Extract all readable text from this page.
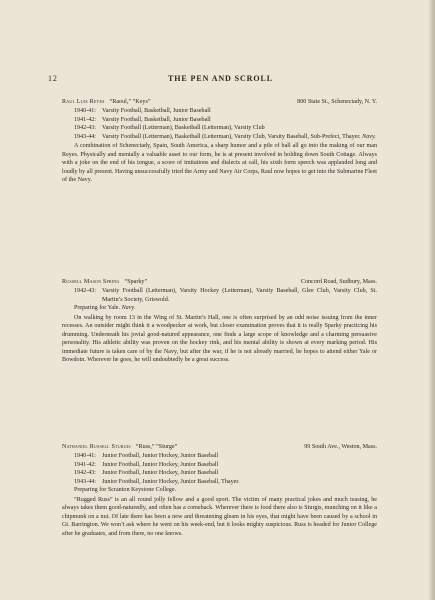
12	THE PEN AND SCROLL
Raul Luis Reyes “Raoul,” “Keys”	800 State St., Schenectady, N. Y.
1940-41: Varsity Football, Basketball, Junior Baseball
1941-42: Varsity Football, Basketball, Junior Baseball
1942-43: Varsity Football (Letterman), Basketball (Letterman), Varsity Club
1943-44: Varsity Football (Letterman), Basketball (Letterman), Varsity Club, Varsity Baseball, Sub-Prefect, Thayer. Navy.

A combination of Schenectady, Spain, South America, a sharp humor and a pile of ball all go into the making of our man Reyes. Physically and mentally a valuable asset to our form, he is at present involved in holding down South Cottage. Always with a joke on the end of his tongue, a score of imitations and dialects at call, his sixth form speech was applauded long and loudly by all present. Having unsuccessfully tried the Army and Navy Air Corps, Raul now hopes to get into the Submarine Fleet of the Navy.

Russell Mason Spring “Sparky”	Concord Road, Sudbury, Mass.
1942-43: Varsity Football (Letterman), Varsity Hockey (Letterman), Varsity Baseball, Glee Club, Varsity Club, St. Martin’s Society, Griswold.
Preparing for Yale. Navy.

On walking by room 13 in the Wing of St. Martin’s Hall, one is often surprised by an odd noise issuing from the inner recesses. An outsider might think it a woodpecker at work, but closer examination proves that it is really Sparky practicing his drumming. Underneath his jovial good-natured appearance, one finds a large scope of knowledge and a charming persuasive personality. His athletic ability was proven on the hockey rink, and his mental ability is shown at every marking period. His immediate future is taken care of by the Navy, but after the war, if he is not already married, he hopes to attend either Yale or Bowdoin. Wherever he goes, he will undoubtedly be a great success.

Nathaniel Russell Sturgis “Russ,” “Sturge”	99 South Ave., Weston, Mass.
1940-41: Junior Football, Junior Hockey, Junior Baseball
1941-42: Junior Football, Junior Hockey, Junior Baseball
1942-43: Junior Football, Junior Hockey, Junior Baseball
1943-44: Junior Football, Junior Hockey, Junior Baseball, Thayer.
Preparing for Scranton Keystone College.

“Rugged Russ” is an all round jolly fellow and a good sport. The victim of many practical jokes and much teasing, he always takes them good-naturedly, and often has a comeback. Wherever there is food there also is Sturgis, munching on it like a chipmunk on a nut. Of late there has been a new and threatening gleam in his eyes, that might have been caused by a school in Gt. Barrington. We won’t ask where he went on his week-end, but it looks mighty suspicious. Russ is headed for Junior College after he graduates, and from there, no one knows.
